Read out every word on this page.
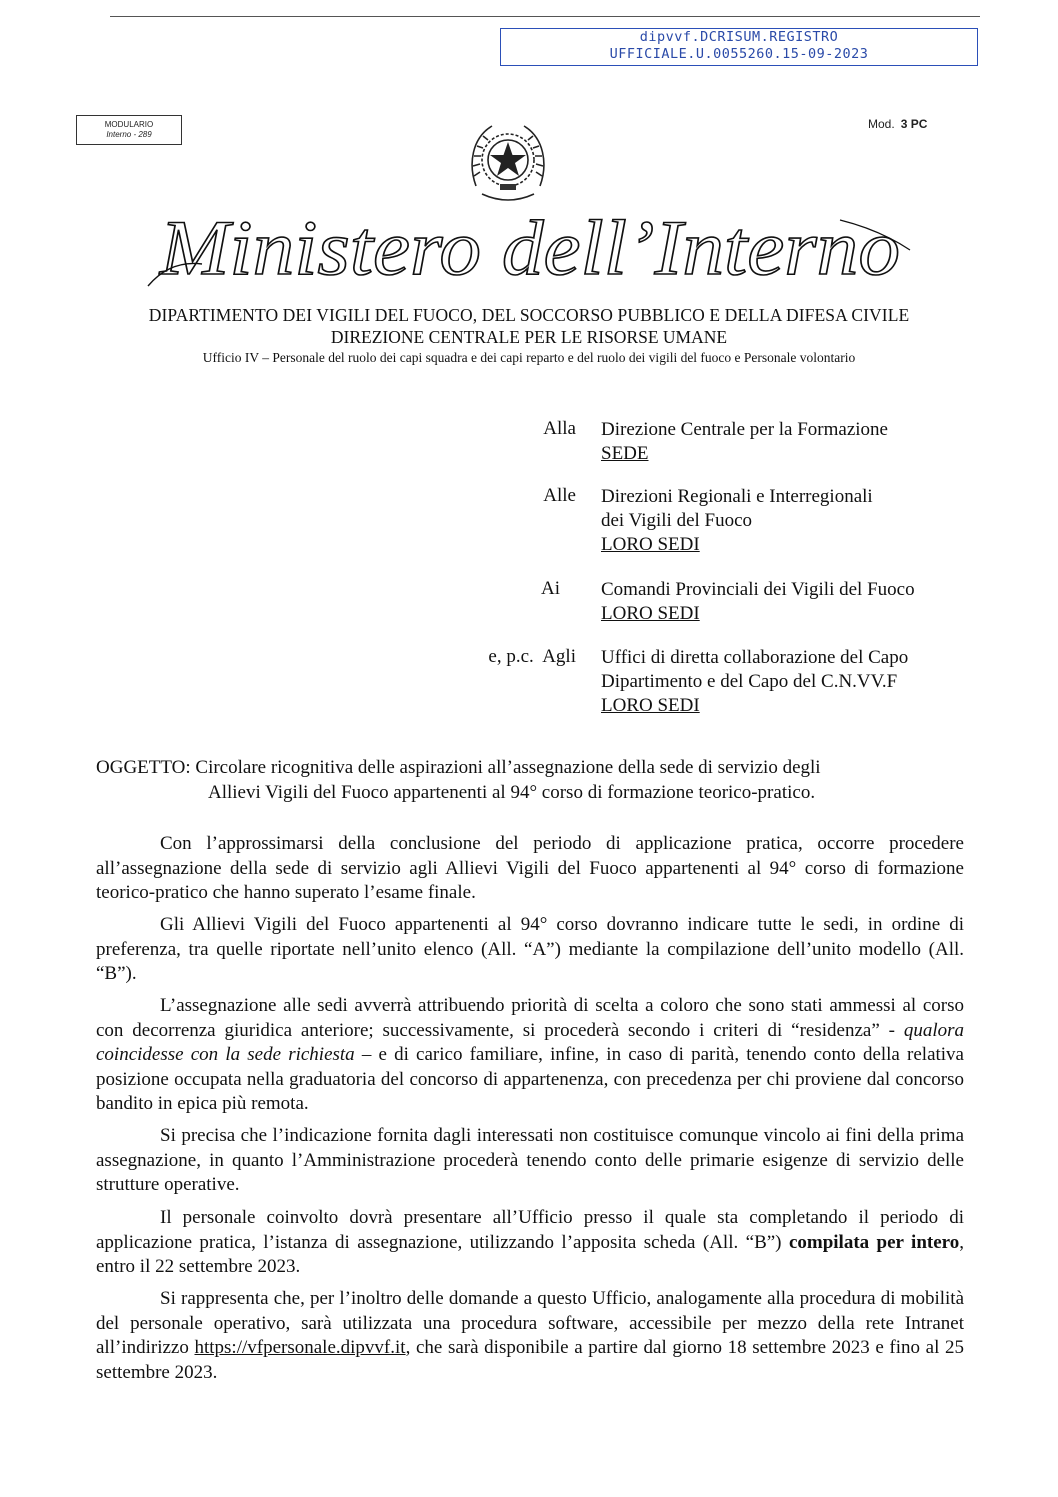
dipvvf.DCRISUM.REGISTRO
UFFICIALE.U.0055260.15-09-2023
MODULARIO
Interno - 289
Mod. 3 PC
Ministero dell’Interno
DIPARTIMENTO DEI VIGILI DEL FUOCO, DEL SOCCORSO PUBBLICO E DELLA DIFESA CIVILE
DIREZIONE CENTRALE PER LE RISORSE UMANE
Ufficio IV – Personale del ruolo dei capi squadra e dei capi reparto e del ruolo dei vigili del fuoco e Personale volontario
Alla Direzione Centrale per la Formazione
SEDE
Alle Direzioni Regionali e Interregionali
dei Vigili del Fuoco
LORO SEDI
Ai Comandi Provinciali dei Vigili del Fuoco
LORO SEDI
e, p.c.  Agli Uffici di diretta collaborazione del Capo
Dipartimento e del Capo del C.N.VV.F
LORO SEDI
OGGETTO: Circolare ricognitiva delle aspirazioni all’assegnazione della sede di servizio degli
Allievi Vigili del Fuoco appartenenti al 94° corso di formazione teorico-pratico.
Con l’approssimarsi della conclusione del periodo di applicazione pratica, occorre procedere all’assegnazione della sede di servizio agli Allievi Vigili del Fuoco appartenenti al 94° corso di formazione teorico-pratico che hanno superato l’esame finale.
Gli Allievi Vigili del Fuoco appartenenti al 94° corso dovranno indicare tutte le sedi, in ordine di preferenza, tra quelle riportate nell’unito elenco (All. “A”) mediante la compilazione dell’unito modello (All. “B”).
L’assegnazione alle sedi avverrà attribuendo priorità di scelta a coloro che sono stati ammessi al corso con decorrenza giuridica anteriore; successivamente, si procederà secondo i criteri di “residenza” - qualora coincidesse con la sede richiesta – e di carico familiare, infine, in caso di parità, tenendo conto della relativa posizione occupata nella graduatoria del concorso di appartenenza, con precedenza per chi proviene dal concorso bandito in epica più remota.
Si precisa che l’indicazione fornita dagli interessati non costituisce comunque vincolo ai fini della prima assegnazione, in quanto l’Amministrazione procederà tenendo conto delle primarie esigenze di servizio delle strutture operative.
Il personale coinvolto dovrà presentare all’Ufficio presso il quale sta completando il periodo di applicazione pratica, l’istanza di assegnazione, utilizzando l’apposita scheda (All. “B”) compilata per intero, entro il 22 settembre 2023.
Si rappresenta che, per l’inoltro delle domande a questo Ufficio, analogamente alla procedura di mobilità del personale operativo, sarà utilizzata una procedura software, accessibile per mezzo della rete Intranet all’indirizzo https://vfpersonale.dipvvf.it, che sarà disponibile a partire dal giorno 18 settembre 2023 e fino al 25 settembre 2023.
